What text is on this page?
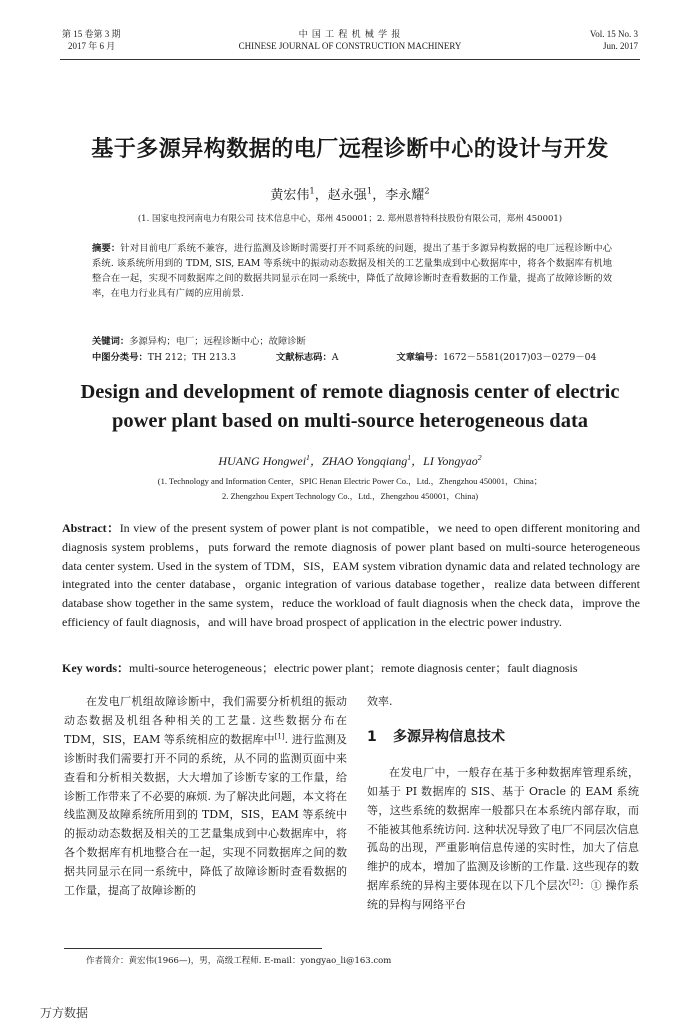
第 15 卷第 3 期
2017 年 6 月
中 国 工 程 机 械 学 报
CHINESE JOURNAL OF CONSTRUCTION MACHINERY
Vol. 15 No. 3
Jun. 2017
基于多源异构数据的电厂远程诊断中心的设计与开发
黄宏伟$^1$，赵永强$^1$，李永耀$^2$
(1. 国家电投河南电力有限公司 技术信息中心，郑州 450001；2. 郑州恩普特科技股份有限公司，郑州 450001)
摘要：针对目前电厂系统不兼容，进行监测及诊断时需要打开不同系统的问题，提出了基于多源异构数据的电厂远程诊断中心系统. 该系统所用到的 TDM, SIS, EAM 等系统中的振动动态数据及相关的工艺量集成到中心数据库中，将各个数据库有机地整合在一起，实现不同数据库之间的数据共同显示在同一系统中，降低了故障诊断时查看数据的工作量，提高了故障诊断的效率，在电力行业具有广阔的应用前景.
关键词：多源异构；电厂；远程诊断中心；故障诊断
中图分类号：TH 212；TH 213.3	文献标志码：A	文章编号：1672－5581(2017)03－0279－04
Design and development of remote diagnosis center of electric power plant based on multi-source heterogeneous data
HUANG Hongwei$^1$，ZHAO Yongqiang$^1$，LI Yongyao$^2$
(1. Technology and Information Center，SPIC Henan Electric Power Co.，Ltd.，Zhengzhou 450001，China；
2. Zhengzhou Expert Technology Co.，Ltd.，Zhengzhou 450001，China)
Abstract：In view of the present system of power plant is not compatible，we need to open different monitoring and diagnosis system problems，puts forward the remote diagnosis of power plant based on multi-source heterogeneous data center system. Used in the system of TDM，SIS，EAM system vibration dynamic data and related technology are integrated into the center database，organic integration of various database together，realize data between different database show together in the same system，reduce the workload of fault diagnosis when the check data，improve the efficiency of fault diagnosis，and will have broad prospect of application in the electric power industry.
Key words：multi-source heterogeneous；electric power plant；remote diagnosis center；fault diagnosis
在发电厂机组故障诊断中，我们需要分析机组的振动动态数据及机组各种相关的工艺量. 这些数据分布在 TDM，SIS，EAM 等系统相应的数据库中[1]. 进行监测及诊断时我们需要打开不同的系统，从不同的监测页面中来查看和分析相关数据，大大增加了诊断专家的工作量，给诊断工作带来了不必要的麻烦. 为了解决此问题，本文将在线监测及故障系统所用到的 TDM，SIS，EAM 等系统中的振动动态数据及相关的工艺量集成到中心数据库中，将各个数据库有机地整合在一起，实现不同数据库之间的数据共同显示在同一系统中，降低了故障诊断时查看数据的工作量，提高了故障诊断的
效率.
1 多源异构信息技术
在发电厂中，一般存在基于多种数据库管理系统，如基于 PI 数据库的 SIS、基于 Oracle 的 EAM 系统等，这些系统的数据库一般都只在本系统内部存取，而不能被其他系统访问. 这种状况导致了电厂不同层次信息孤岛的出现，严重影响信息传递的实时性，加大了信息维护的成本，增加了监测及诊断的工作量. 这些现存的数据库系统的异构主要体现在以下几个层次[2]：① 操作系统的异构与网络平台
作者简介：黄宏伟(1966—)，男，高级工程师. E-mail：yongyao_li@163.com
万方数据
